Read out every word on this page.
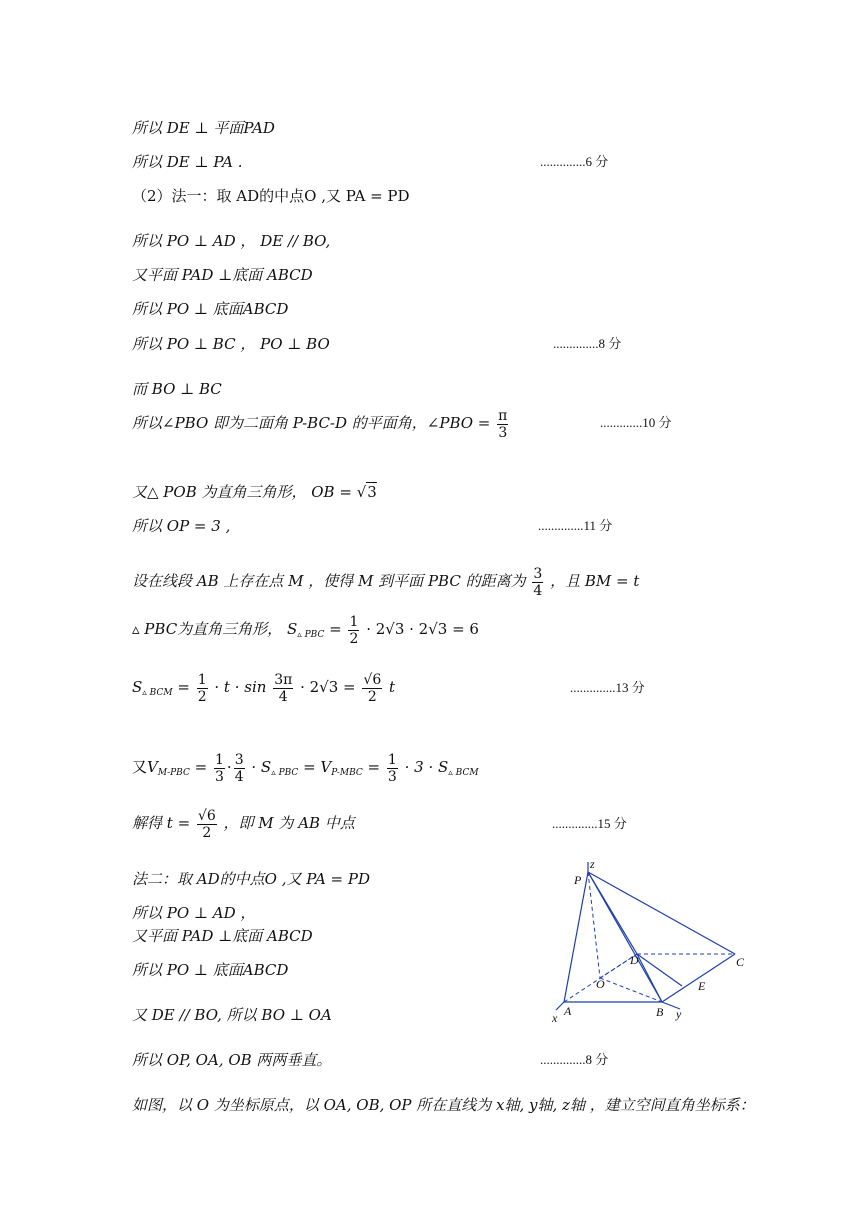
所以 DE ⊥ 平面PAD
所以 DE ⊥ PA .	..............6 分
（2）法一：取 AD的中点O ,又 PA = PD
所以 PO ⊥ AD ， DE // BO,
又平面 PAD ⊥底面 ABCD
所以 PO ⊥ 底面ABCD
所以 PO ⊥ BC ， PO ⊥ BO	..............8 分
而 BO ⊥ BC
所以∠PBO 即为二面角 P-BC-D 的平面角，∠PBO = $\frac{\pi}{3}$	.............10 分
又△ POB 为直角三角形， OB = √3
所以 OP = 3 ,	..............11 分
设在线段 AB 上存在点 M ，使得 M 到平面 PBC 的距离为 $\frac{3}{4}$ ，且 BM = t
▵ PBC为直角三角形， $S_{▵ PBC} = \frac{1}{2} \cdot 2√3 \cdot 2√3 = 6$
$S_{▵ BCM} = \frac{1}{2} \cdot t \cdot \sin \frac{3\pi}{4} \cdot 2√3 = \frac{√6}{2}$ t	..............13 分
又$V_{M-PBC} = \frac{1}{3} \cdot \frac{3}{4} \cdot S_{▵ PBC} = V_{P-MBC} = \frac{1}{3} \cdot 3 \cdot S_{▵ BCM}$
解得 $t = \frac{√6}{2}$ ，即 M 为 AB 中点	..............15 分
法二：取 AD的中点O ,又 PA = PD
所以 PO ⊥ AD ，
又平面 PAD ⊥底面 ABCD
所以 PO ⊥ 底面ABCD
又 DE // BO, 所以 BO ⊥ OA
所以 OP, OA, OB 两两垂直。	..............8 分
如图，以 O 为坐标原点，以 OA, OB, OP 所在直线为 x轴, y轴, z轴 ，建立空间直角坐标系：
z
P
D	C
O	E
x A	B y
